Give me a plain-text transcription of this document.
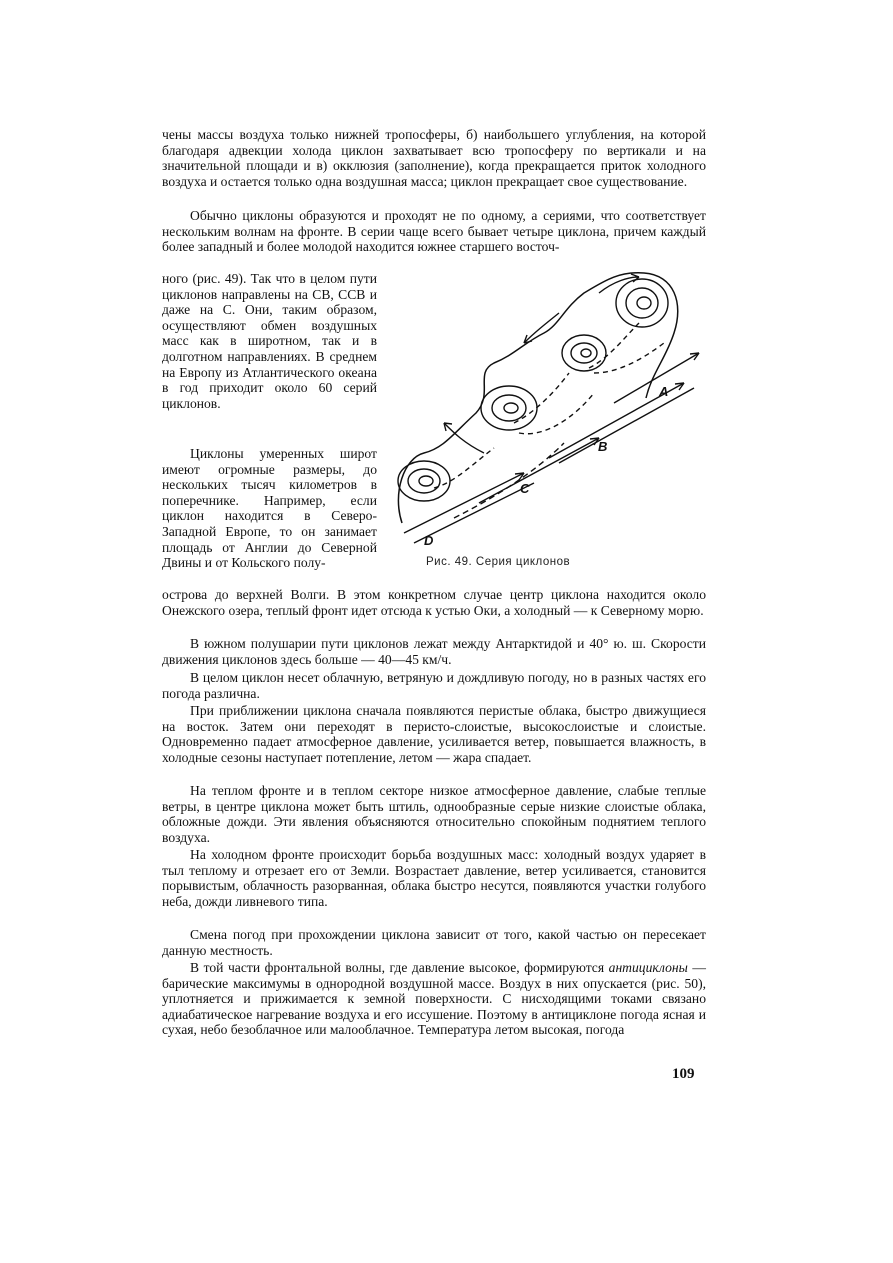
чены массы воздуха только нижней тропосферы, б) наибольшего углубления, на которой благодаря адвекции холода циклон захватывает всю тропосферу по вертикали и на значительной площади и в) окклюзия (заполнение), когда прекращается приток холодного воздуха и остается только одна воздушная масса; циклон прекращает свое существование.

Обычно циклоны образуются и проходят не по одному, а сериями, что соответствует нескольким волнам на фронте. В серии чаще всего бывает четыре циклона, причем каждый более западный и более молодой находится южнее старшего восточ-

ного (рис. 49). Так что в целом пути циклонов направлены на СВ, ССВ и даже на С. Они, таким образом, осуществляют обмен воздушных масс как в широтном, так и в долготном направлениях. В среднем на Европу из Атлантического океана в год приходит около 60 серий циклонов.

Циклоны умеренных широт имеют огромные размеры, до нескольких тысяч километров в поперечнике. Например, если циклон находится в Северо-Западной Европе, то он занимает площадь от Англии до Северной Двины и от Кольского полу-

острова до верхней Волги. В этом конкретном случае центр циклона находится около Онежского озера, теплый фронт идет отсюда к устью Оки, а холодный — к Северному морю.

В южном полушарии пути циклонов лежат между Антарктидой и 40° ю. ш. Скорости движения циклонов здесь больше — 40—45 км/ч.

В целом циклон несет облачную, ветряную и дождливую погоду, но в разных частях его погода различна.

При приближении циклона сначала появляются перистые облака, быстро движущиеся на восток. Затем они переходят в перисто-слоистые, высокослоистые и слоистые. Одновременно падает атмосферное давление, усиливается ветер, повышается влажность, в холодные сезоны наступает потепление, летом — жара спадает.

На теплом фронте и в теплом секторе низкое атмосферное давление, слабые теплые ветры, в центре циклона может быть штиль, однообразные серые низкие слоистые облака, обложные дожди. Эти явления объясняются относительно спокойным поднятием теплого воздуха.

На холодном фронте происходит борьба воздушных масс: холодный воздух ударяет в тыл теплому и отрезает его от Земли. Возрастает давление, ветер усиливается, становится порывистым, облачность разорванная, облака быстро несутся, появляются участки голубого неба, дожди ливневого типа.

Смена погод при прохождении циклона зависит от того, какой частью он пересекает данную местность.

В той части фронтальной волны, где давление высокое, формируются антициклоны — барические максимумы в однородной воздушной массе. Воздух в них опускается (рис. 50), уплотняется и прижимается к земной поверхности. С нисходящими токами связано адиабатическое нагревание воздуха и его иссушение. Поэтому в антициклоне погода ясная и сухая, небо безоблачное или малооблачное. Температура летом высокая, погода

А
В
С
D
Рис. 49. Серия циклонов
109
